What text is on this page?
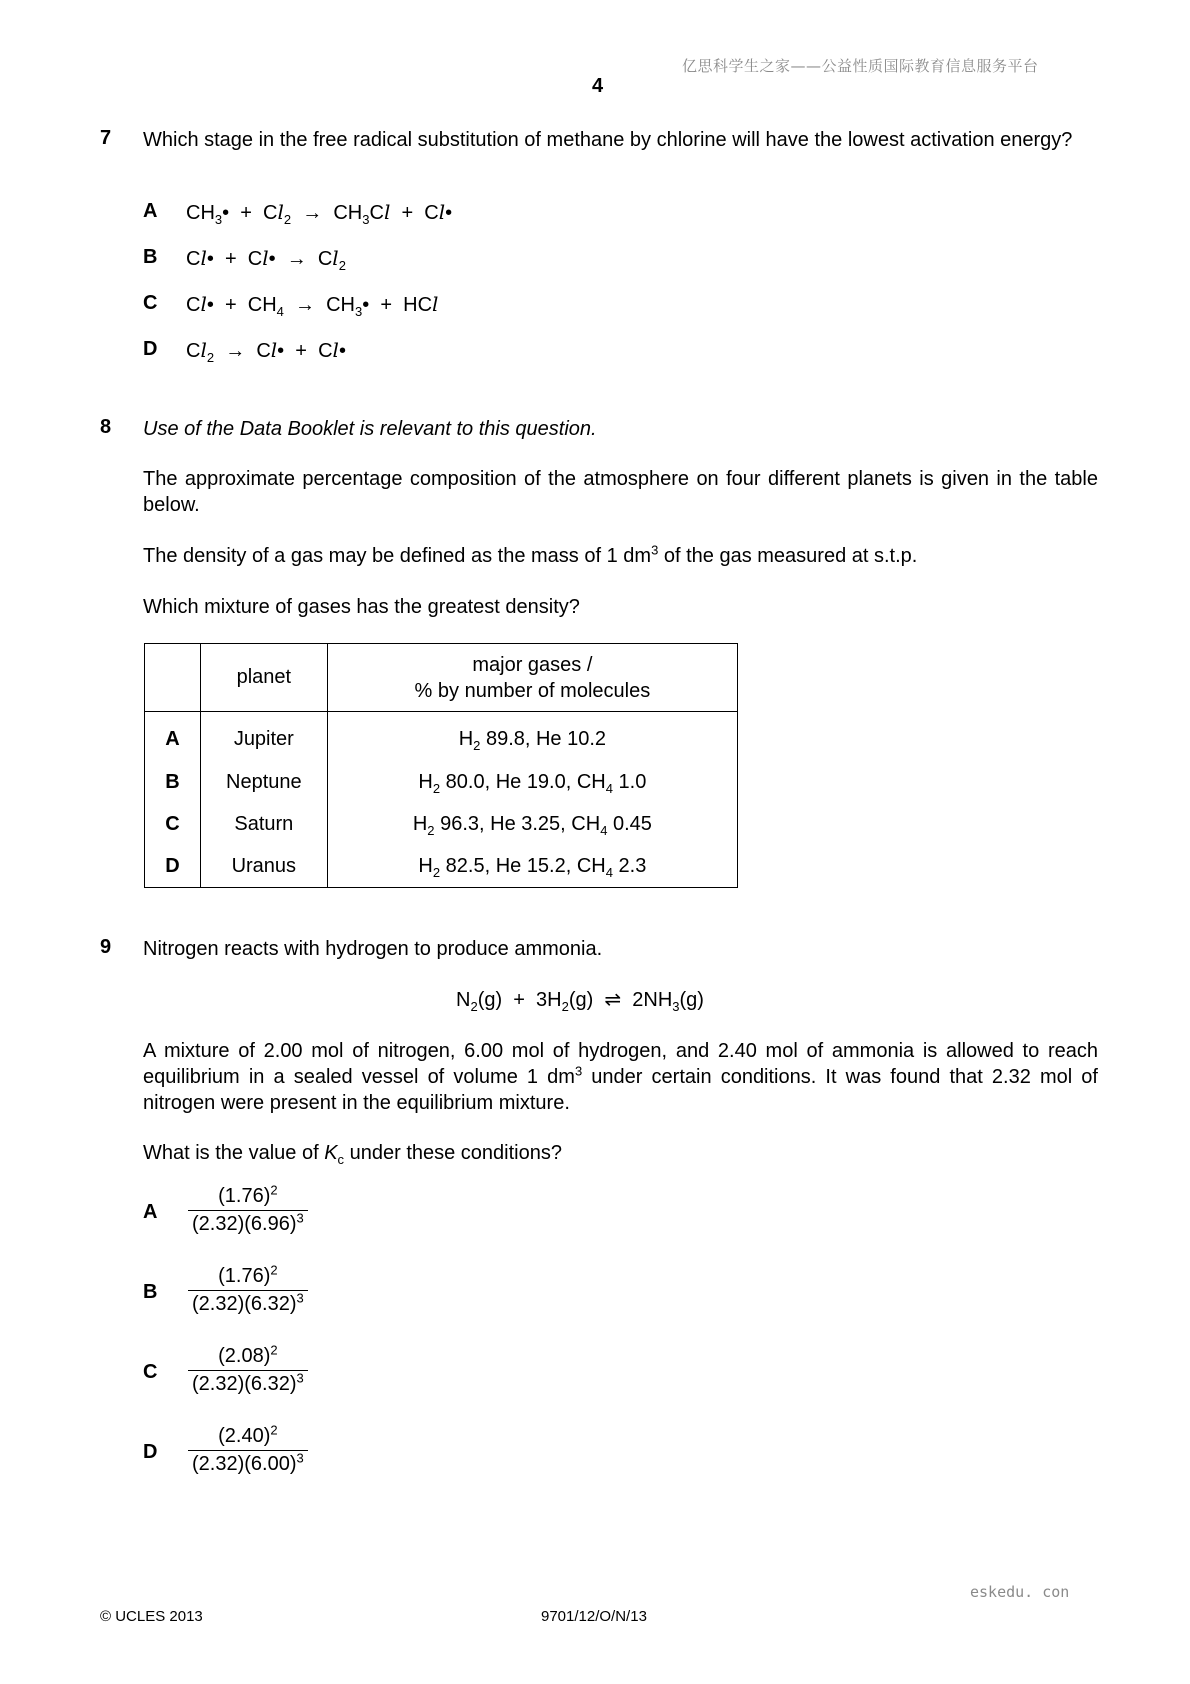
亿思科学生之家——公益性质国际教育信息服务平台
4
7 Which stage in the free radical substitution of methane by chlorine will have the lowest activation energy?
A $CH_3• + Cl_2 \to CH_3Cl$  +  Cl•
B Cl•  +  Cl•  →  $Cl_2$
C Cl•  +  $CH_4$  →  $CH_3•$  +  HCl
D $Cl_2$  →  Cl•  +  Cl•
8 Use of the Data Booklet is relevant to this question.
The approximate percentage composition of the atmosphere on four different planets is given in the table below.
The density of a gas may be defined as the mass of 1 $dm^3$ of the gas measured at s.t.p.
Which mixture of gases has the greatest density?
	planet	major gases /
% by number of molecules
A	Jupiter	$H_2$ 89.8, He 10.2
B	Neptune	$H_2$ 80.0, He 19.0, $CH_4$ 1.0
C	Saturn	$H_2$ 96.3, He 3.25, $CH_4$ 0.45
D	Uranus	$H_2$ 82.5, He 15.2, $CH_4$ 2.3
9 Nitrogen reacts with hydrogen to produce ammonia.
$N_2(g) + 3H_2(g)$  ⇌  $2NH_3(g)$
A mixture of 2.00 mol of nitrogen, 6.00 mol of hydrogen, and 2.40 mol of ammonia is allowed to reach equilibrium in a sealed vessel of volume 1 $dm^3$ under certain conditions. It was found that 2.32 mol of nitrogen were present in the equilibrium mixture.
What is the value of $K_c$ under these conditions?
A $\frac{(1.76)^2}{(2.32)(6.96)^3}$
B $\frac{(1.76)^2}{(2.32)(6.32)^3}$
C $\frac{(2.08)^2}{(2.32)(6.32)^3}$
D $\frac{(2.40)^2}{(2.32)(6.00)^3}$
eskedu. con
© UCLES 2013	9701/12/O/N/13
